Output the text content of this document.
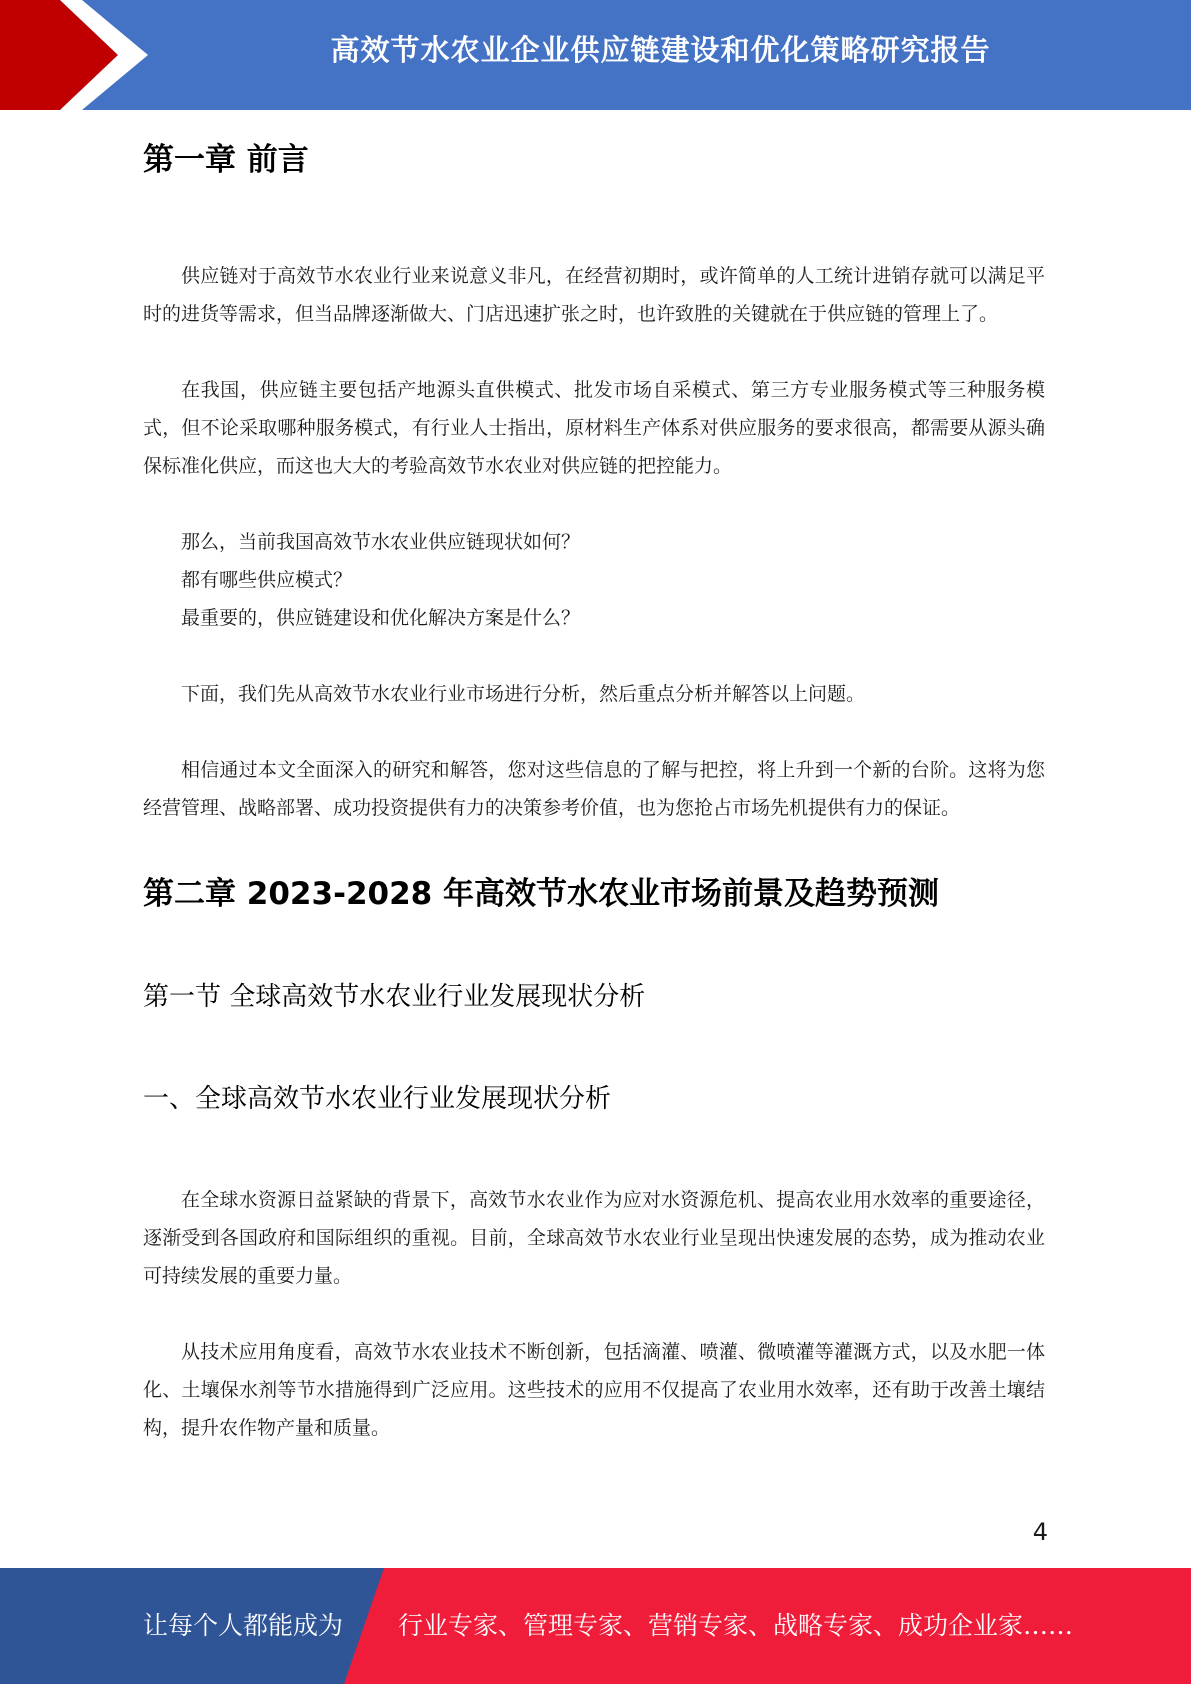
高效节水农业企业供应链建设和优化策略研究报告
第一章 前言

供应链对于高效节水农业行业来说意义非凡，在经营初期时，或许简单的人工统计进销存就可以满足平时的进货等需求，但当品牌逐渐做大、门店迅速扩张之时，也许致胜的关键就在于供应链的管理上了。

在我国，供应链主要包括产地源头直供模式、批发市场自采模式、第三方专业服务模式等三种服务模式，但不论采取哪种服务模式，有行业人士指出，原材料生产体系对供应服务的要求很高，都需要从源头确保标准化供应，而这也大大的考验高效节水农业对供应链的把控能力。

那么，当前我国高效节水农业供应链现状如何？

都有哪些供应模式？

最重要的，供应链建设和优化解决方案是什么？

下面，我们先从高效节水农业行业市场进行分析，然后重点分析并解答以上问题。

相信通过本文全面深入的研究和解答，您对这些信息的了解与把控，将上升到一个新的台阶。这将为您经营管理、战略部署、成功投资提供有力的决策参考价值，也为您抢占市场先机提供有力的保证。

第二章 2023-2028 年高效节水农业市场前景及趋势预测
第一节 全球高效节水农业行业发展现状分析
一、全球高效节水农业行业发展现状分析

在全球水资源日益紧缺的背景下，高效节水农业作为应对水资源危机、提高农业用水效率的重要途径，逐渐受到各国政府和国际组织的重视。目前，全球高效节水农业行业呈现出快速发展的态势，成为推动农业可持续发展的重要力量。

从技术应用角度看，高效节水农业技术不断创新，包括滴灌、喷灌、微喷灌等灌溉方式，以及水肥一体化、土壤保水剂等节水措施得到广泛应用。这些技术的应用不仅提高了农业用水效率，还有助于改善土壤结构，提升农作物产量和质量。

4
让每个人都能成为 行业专家、管理专家、营销专家、战略专家、成功企业家……
